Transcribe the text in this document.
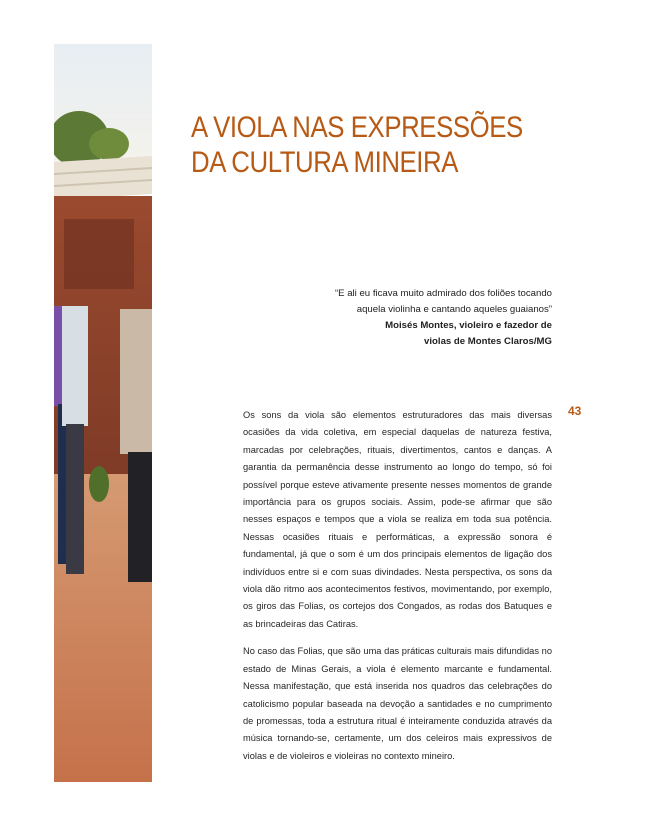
A VIOLA NAS EXPRESSÕES
DA CULTURA MINEIRA
“E ali eu ficava muito admirado dos foliões tocando
aquela violinha e cantando aqueles guaianos”
Moisés Montes, violeiro e fazedor de
violas de Montes Claros/MG
43

Os sons da viola são elementos estruturadores das mais diversas ocasiões da vida coletiva, em especial daquelas de natureza festiva, marcadas por celebrações, rituais, divertimentos, cantos e danças. A garantia da permanência desse instrumento ao longo do tempo, só foi possível porque esteve ativamente presente nesses momentos de grande importância para os grupos sociais. Assim, pode-se afirmar que são nesses espaços e tempos que a viola se realiza em toda sua potência. Nessas ocasiões rituais e performáticas, a expressão sonora é fundamental, já que o som é um dos principais elementos de ligação dos indivíduos entre si e com suas divindades. Nesta perspectiva, os sons da viola dão ritmo aos acontecimentos festivos, movimentando, por exemplo, os giros das Folias, os cortejos dos Congados, as rodas dos Batuques e as brincadeiras das Catiras.

No caso das Folias, que são uma das práticas culturais mais difundidas no estado de Minas Gerais, a viola é elemento marcante e fundamental. Nessa manifestação, que está inserida nos quadros das celebrações do catolicismo popular baseada na devoção a santidades e no cumprimento de promessas, toda a estrutura ritual é inteiramente conduzida através da música tornando-se, certamente, um dos celeiros mais expressivos de violas e de violeiros e violeiras no contexto mineiro.
